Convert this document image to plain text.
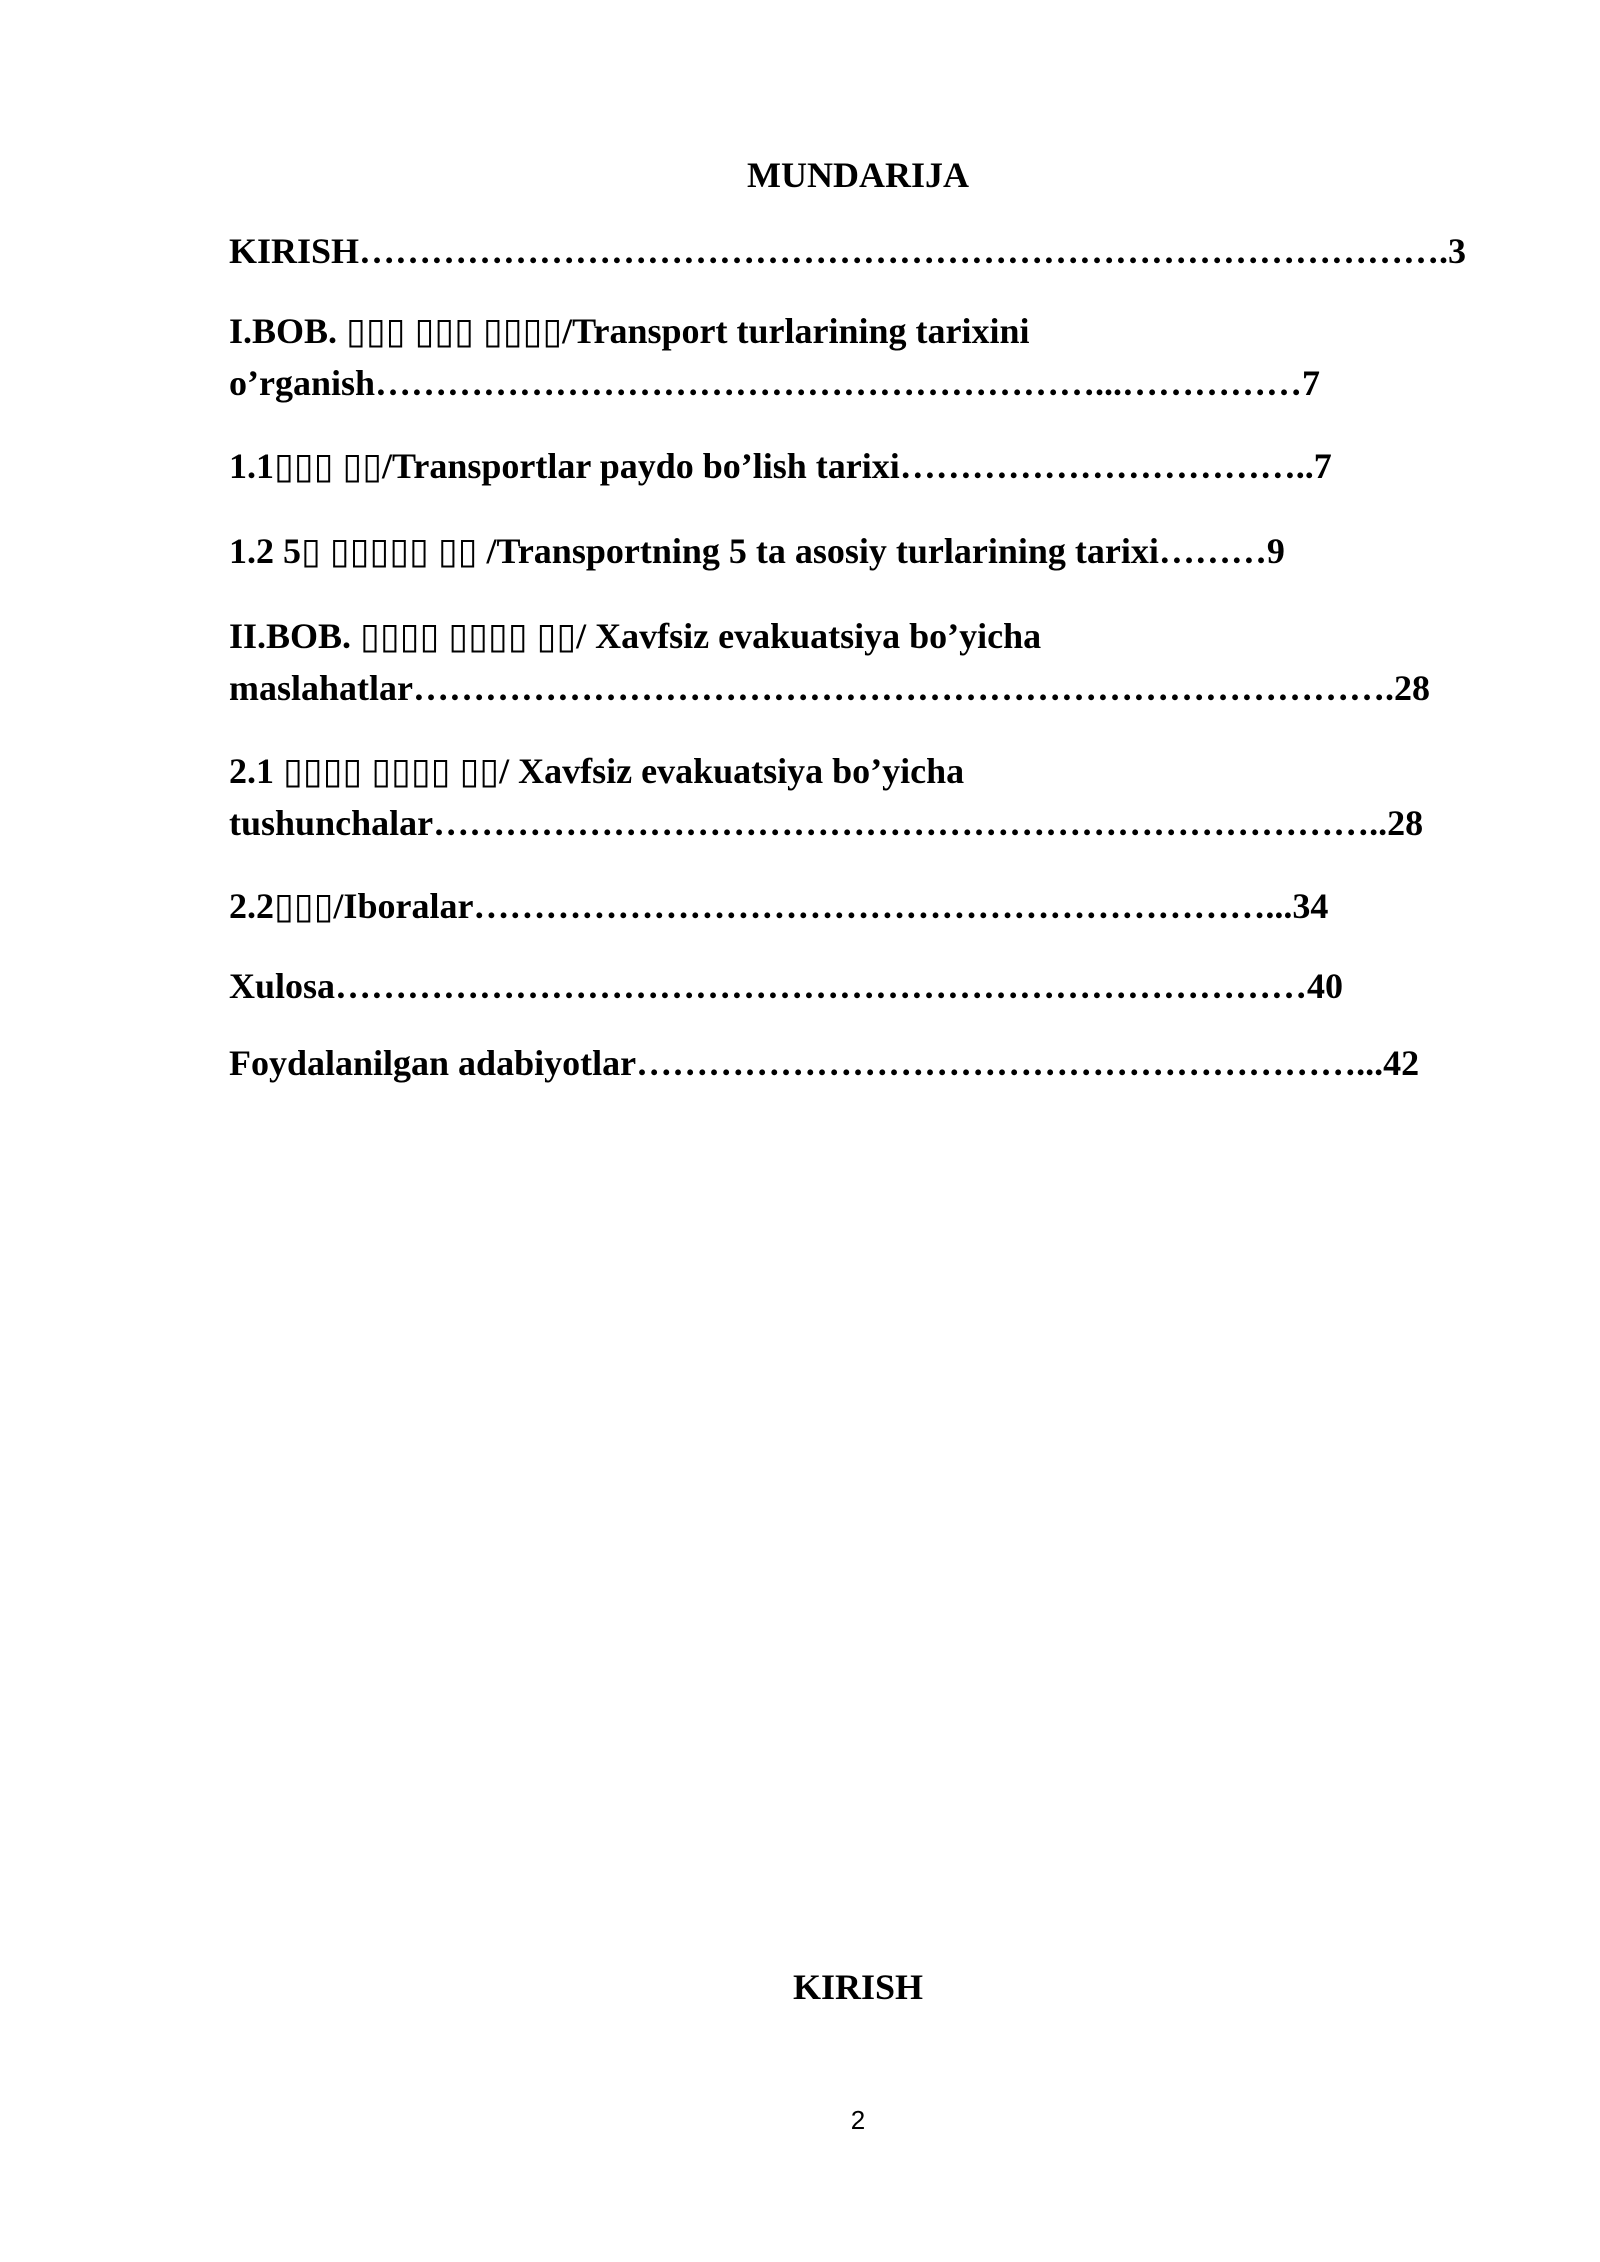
MUNDARIJA
KIRISH……………………………………………………………………………….3
I.BOB. ▯▯▯ ▯▯▯ ▯▯▯▯/Transport turlarining tarixini
o’rganish……………………………………………………...……………7
1.1▯▯▯ ▯▯/Transportlar paydo bo’lish tarixi……………………………..7
1.2 5▯ ▯▯▯▯▯ ▯▯ /Transportning 5 ta asosiy turlarining tarixi………9
II.BOB. ▯▯▯▯ ▯▯▯▯ ▯▯/ Xavfsiz evakuatsiya bo’yicha
maslahatlar……………………………………………………………………….28
2.1 ▯▯▯▯ ▯▯▯▯ ▯▯/ Xavfsiz evakuatsiya bo’yicha
tushunchalar……………………………………………………………………..28
2.2▯▯▯/Iboralar…………………………………………………………...34
Xulosa………………………………………………………………………40
Foydalanilgan adabiyotlar……………………………………………………...42
KIRISH
2
